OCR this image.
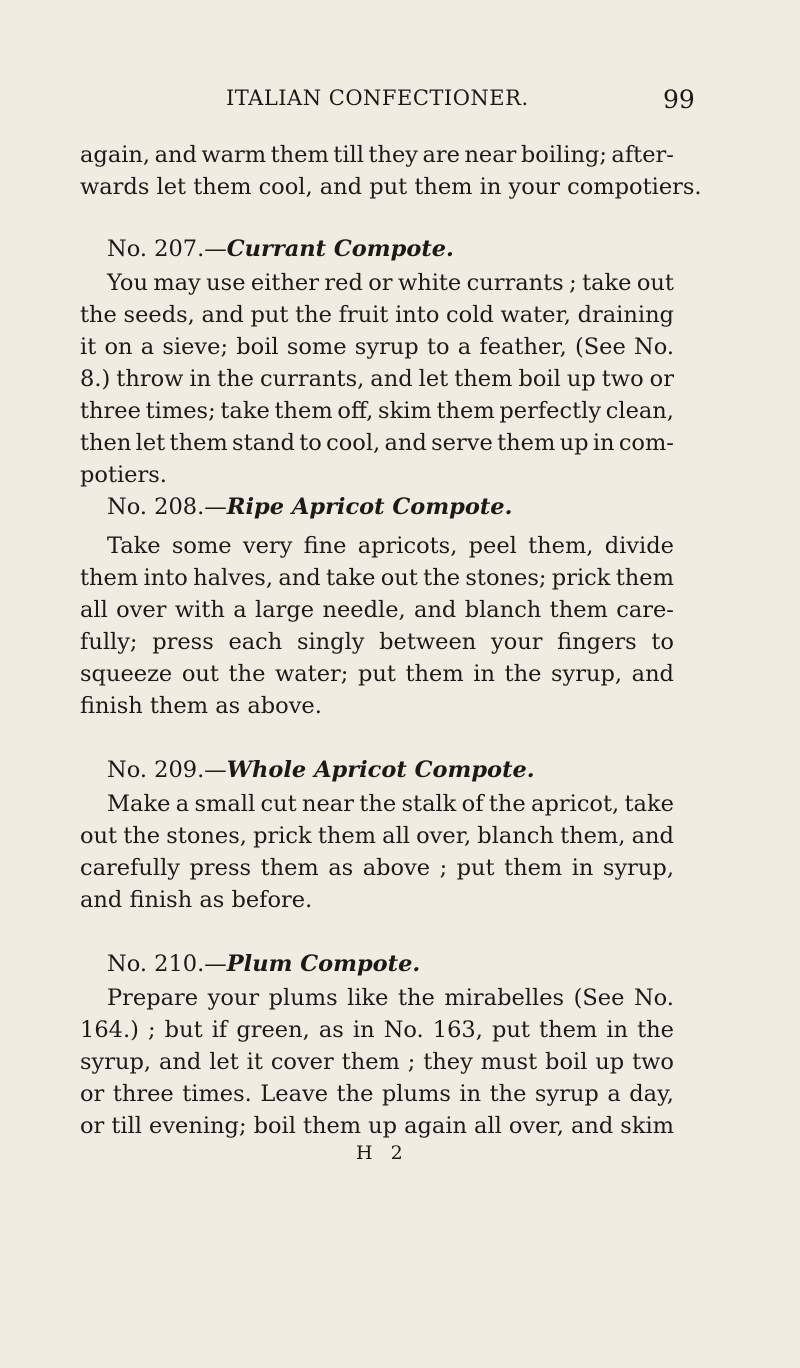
ITALIAN CONFECTIONER.	99
again, and warm them till they are near boiling; after-
wards let them cool, and put them in your compotiers.
No. 207.—Currant Compote.
You may use either red or white currants ; take out
the seeds, and put the fruit into cold water, draining
it on a sieve; boil some syrup to a feather, (See No.
8.) throw in the currants, and let them boil up two or
three times; take them off, skim them perfectly clean,
then let them stand to cool, and serve them up in com-
potiers.
No. 208.—Ripe Apricot Compote.
Take some very fine apricots, peel them, divide
them into halves, and take out the stones; prick them
all over with a large needle, and blanch them care-
fully; press each singly between your fingers to
squeeze out the water; put them in the syrup, and
finish them as above.
No. 209.—Whole Apricot Compote.
Make a small cut near the stalk of the apricot, take
out the stones, prick them all over, blanch them, and
carefully press them as above ; put them in syrup,
and finish as before.
No. 210.—Plum Compote.
Prepare your plums like the mirabelles (See No.
164.) ; but if green, as in No. 163, put them in the
syrup, and let it cover them ; they must boil up two
or three times. Leave the plums in the syrup a day,
or till evening; boil them up again all over, and skim
H 2
